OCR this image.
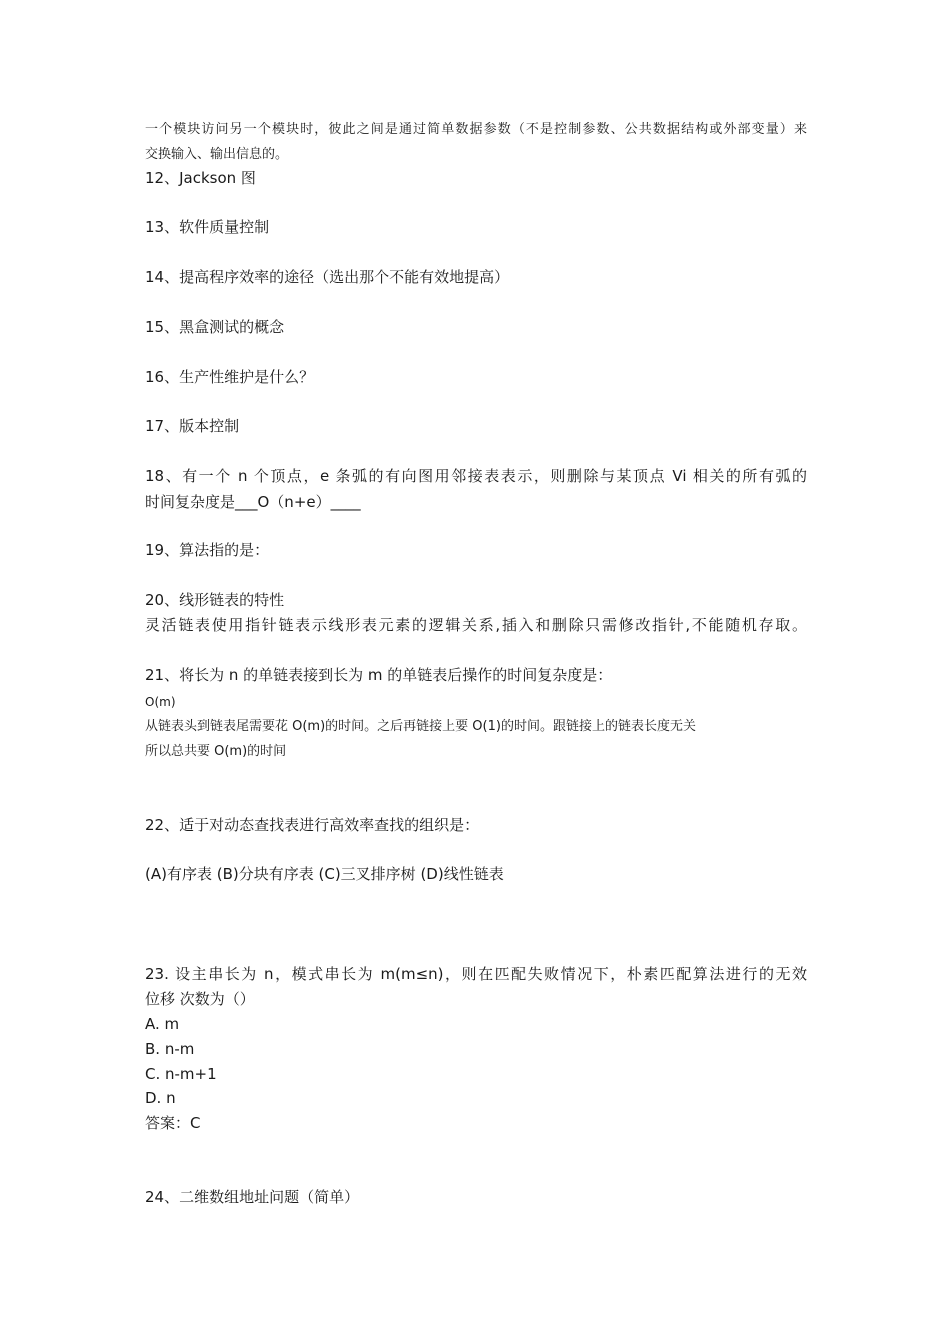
一个模块访问另一个模块时，彼此之间是通过简单数据参数（不是控制参数、公共数据结构或外部变量）来
交换输入、输出信息的。
12、Jackson 图
13、软件质量控制
14、提高程序效率的途径（选出那个不能有效地提高）
15、黑盒测试的概念
16、生产性维护是什么？
17、版本控制
18、有一个 n 个顶点，e 条弧的有向图用邻接表表示，则删除与某顶点 Vi 相关的所有弧的
时间复杂度是___O（n+e）____
19、算法指的是：
20、线形链表的特性
灵活链表使用指针链表示线形表元素的逻辑关系,插入和删除只需修改指针,不能随机存取。
21、将长为 n 的单链表接到长为 m 的单链表后操作的时间复杂度是：
O(m)
从链表头到链表尾需要花 O(m)的时间。之后再链接上要 O(1)的时间。跟链接上的链表长度无关
所以总共要 O(m)的时间
22、适于对动态查找表进行高效率查找的组织是：
(A)有序表 (B)分块有序表 (C)三叉排序树 (D)线性链表
23. 设主串长为 n，模式串长为 m(m≤n)，则在匹配失败情况下，朴素匹配算法进行的无效
位移 次数为（）
A. m
B. n-m
C. n-m+1
D. n
答案：C
24、二维数组地址问题（简单）
